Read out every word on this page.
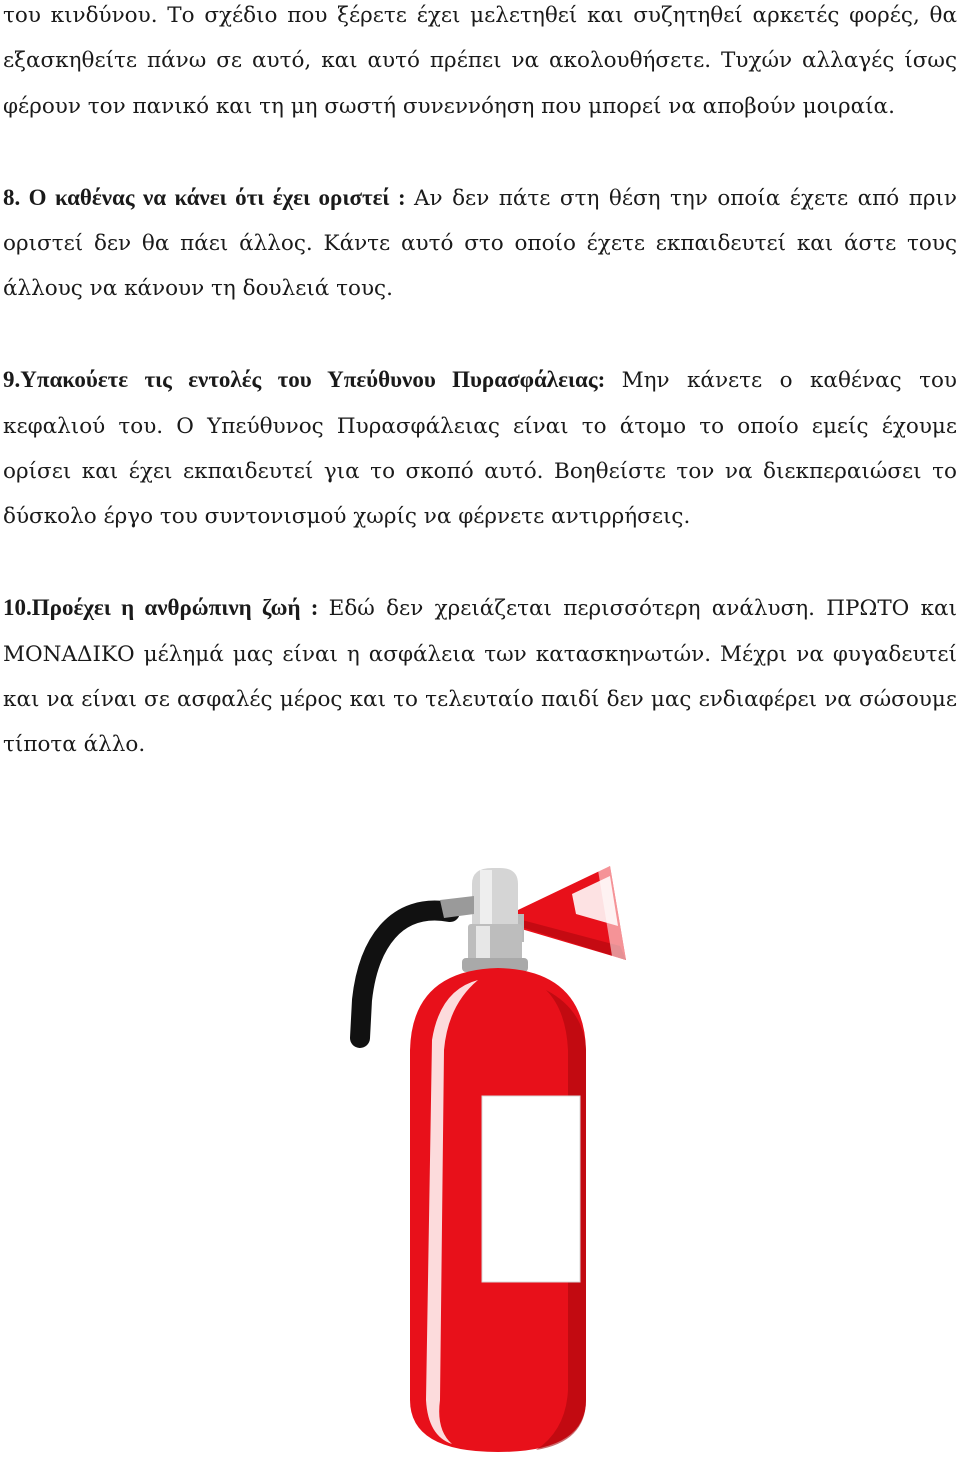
του κινδύνου. Το σχέδιο που ξέρετε έχει μελετηθεί και συζητηθεί αρκετές φορές, θα εξασκηθείτε πάνω σε αυτό, και αυτό πρέπει να ακολουθήσετε. Τυχών αλλαγές ίσως φέρουν τον πανικό και τη μη σωστή συνεννόηση που μπορεί να αποβούν μοιραία.

8. Ο καθένας να κάνει ότι έχει οριστεί : Αν δεν πάτε στη θέση την οποία έχετε από πριν οριστεί δεν θα πάει άλλος. Κάντε αυτό στο οποίο έχετε εκπαιδευτεί και άστε τους άλλους να κάνουν τη δουλειά τους.

9.Υπακούετε τις εντολές του Υπεύθυνου Πυρασφάλειας: Μην κάνετε ο καθένας του κεφαλιού του. Ο Υπεύθυνος Πυρασφάλειας είναι το άτομο το οποίο εμείς έχουμε ορίσει και έχει εκπαιδευτεί για το σκοπό αυτό. Βοηθείστε τον να διεκπεραιώσει το δύσκολο έργο του συντονισμού χωρίς να φέρνετε αντιρρήσεις.

10.Προέχει η ανθρώπινη ζωή : Εδώ δεν χρειάζεται περισσότερη ανάλυση. ΠΡΩΤΟ και ΜΟΝΑΔΙΚΟ μέλημά μας είναι η ασφάλεια των κατασκηνωτών. Μέχρι να φυγαδευτεί και να είναι σε ασφαλές μέρος και το τελευταίο παιδί δεν μας ενδιαφέρει να σώσουμε τίποτα άλλο.
